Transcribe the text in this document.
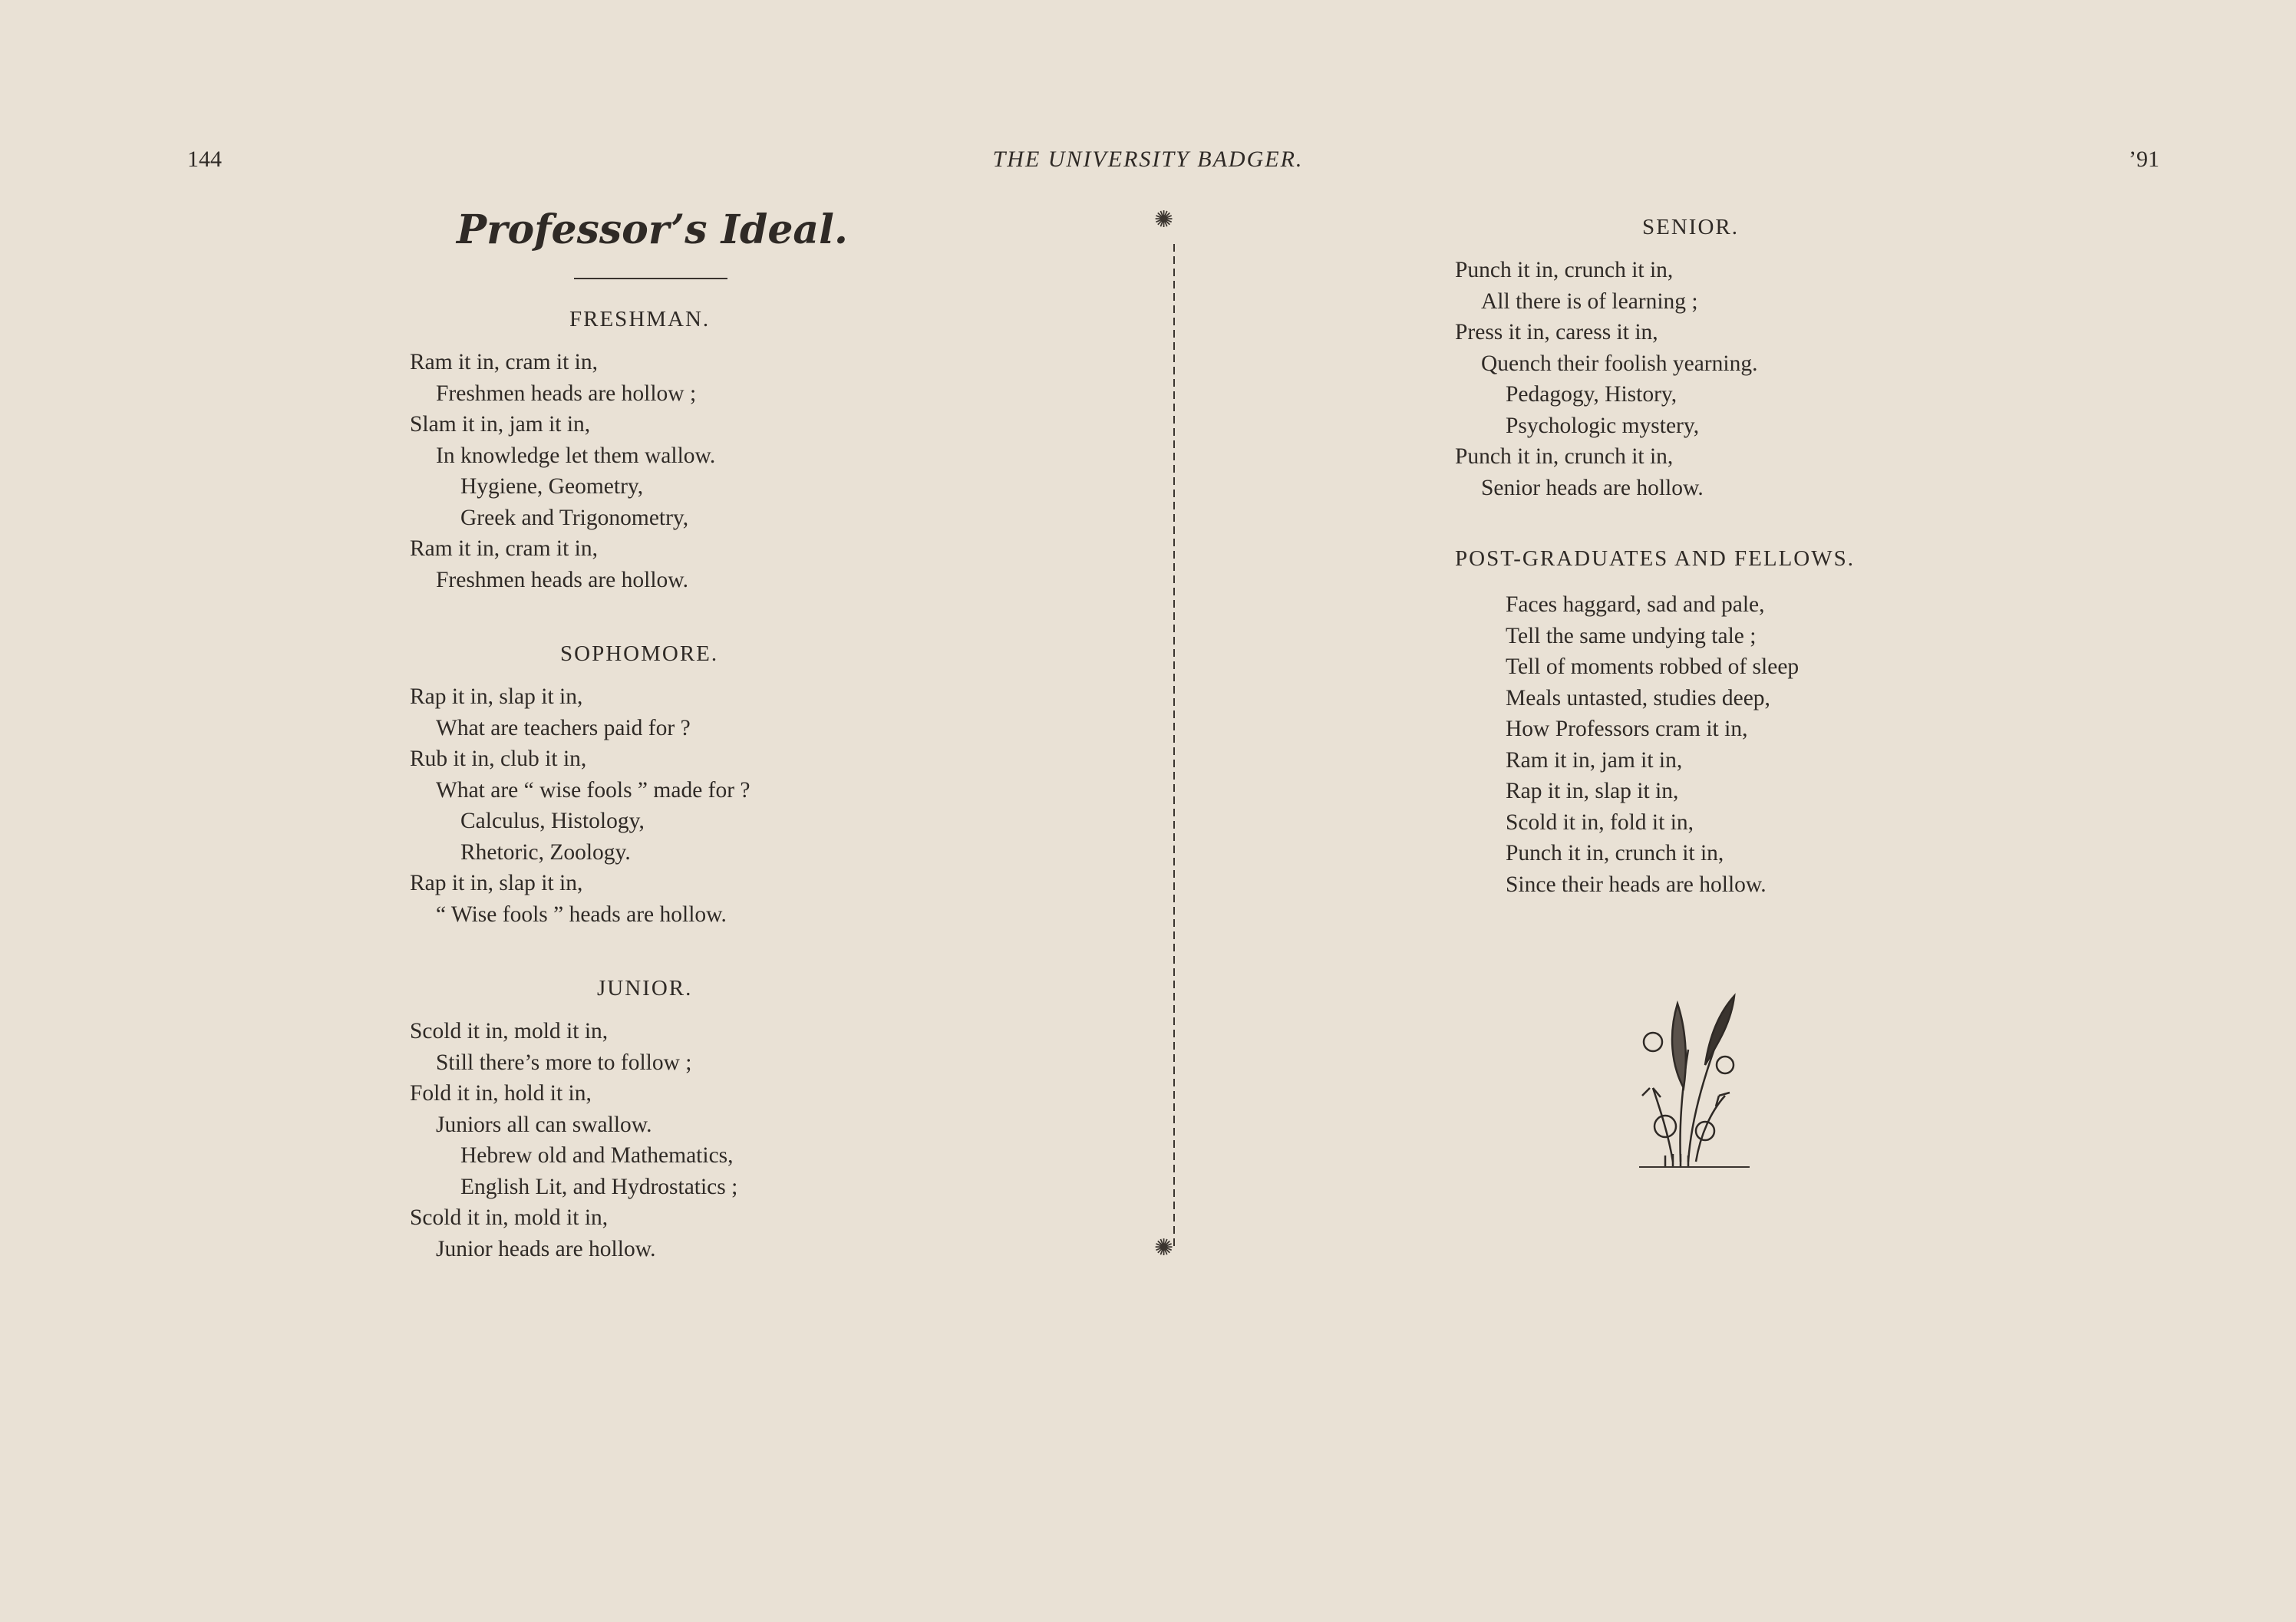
144	THE UNIVERSITY BADGER.	’91
Professor’s Ideal.
FRESHMAN.
Ram it in, cram it in,
Freshmen heads are hollow ;
Slam it in, jam it in,
In knowledge let them wallow.
Hygiene, Geometry,
Greek and Trigonometry,
Ram it in, cram it in,
Freshmen heads are hollow.
SOPHOMORE.
Rap it in, slap it in,
What are teachers paid for ?
Rub it in, club it in,
What are “ wise fools ” made for ?
Calculus, Histology,
Rhetoric, Zoology.
Rap it in, slap it in,
“ Wise fools ” heads are hollow.
JUNIOR.
Scold it in, mold it in,
Still there’s more to follow ;
Fold it in, hold it in,
Juniors all can swallow.
Hebrew old and Mathematics,
English Lit, and Hydrostatics ;
Scold it in, mold it in,
Junior heads are hollow.
✺
✺
SENIOR.
Punch it in, crunch it in,
All there is of learning ;
Press it in, caress it in,
Quench their foolish yearning.
Pedagogy, History,
Psychologic mystery,
Punch it in, crunch it in,
Senior heads are hollow.
POST-GRADUATES AND FELLOWS.
Faces haggard, sad and pale,
Tell the same undying tale ;
Tell of moments robbed of sleep
Meals untasted, studies deep,
How Professors cram it in,
Ram it in, jam it in,
Rap it in, slap it in,
Scold it in, fold it in,
Punch it in, crunch it in,
Since their heads are hollow.
